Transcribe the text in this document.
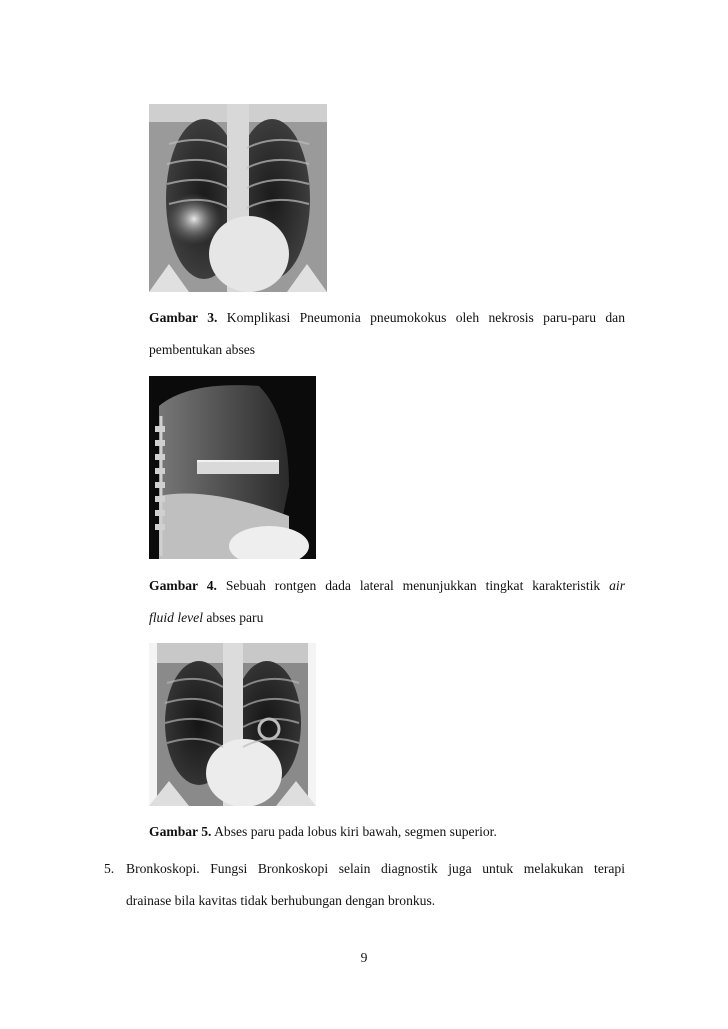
Gambar 3. Komplikasi Pneumonia pneumokokus oleh nekrosis paru-paru dan
pembentukan abses
Gambar 4. Sebuah rontgen dada lateral menunjukkan tingkat karakteristik air
fluid level abses paru
Gambar 5. Abses paru pada lobus kiri bawah, segmen superior.
5. Bronkoskopi. Fungsi Bronkoskopi selain diagnostik juga untuk melakukan terapi
drainase bila kavitas tidak berhubungan dengan bronkus.
9
